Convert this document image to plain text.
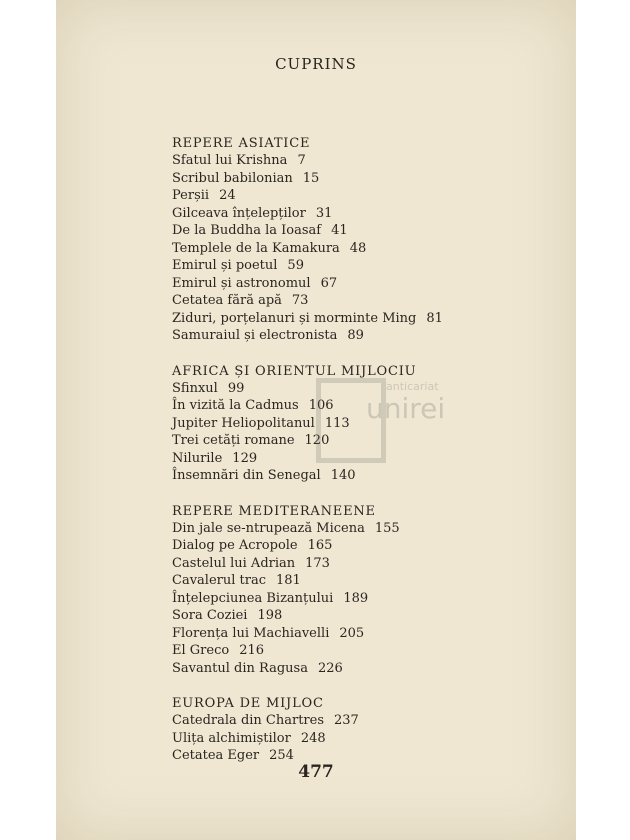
CUPRINS
REPERE ASIATICE
Sfatul lui Krishna 7
Scribul babilonian 15
Perșii 24
Gilceava înțelepților 31
De la Buddha la Ioasaf 41
Templele de la Kamakura 48
Emirul și poetul 59
Emirul și astronomul 67
Cetatea fără apă 73
Ziduri, porțelanuri și morminte Ming 81
Samuraiul și electronista 89
AFRICA ȘI ORIENTUL MIJLOCIU
Sfinxul 99
În vizită la Cadmus 106
Jupiter Heliopolitanul 113
Trei cetăți romane 120
Nilurile 129
Însemnări din Senegal 140
REPERE MEDITERANEENE
Din jale se-ntrupează Micena 155
Dialog pe Acropole 165
Castelul lui Adrian 173
Cavalerul trac 181
Înțelepciunea Bizanțului 189
Sora Coziei 198
Florența lui Machiavelli 205
El Greco 216
Savantul din Ragusa 226
EUROPA DE MIJLOC
Catedrala din Chartres 237
Ulița alchimiștilor 248
Cetatea Eger 254
anticariat
unirei
477
